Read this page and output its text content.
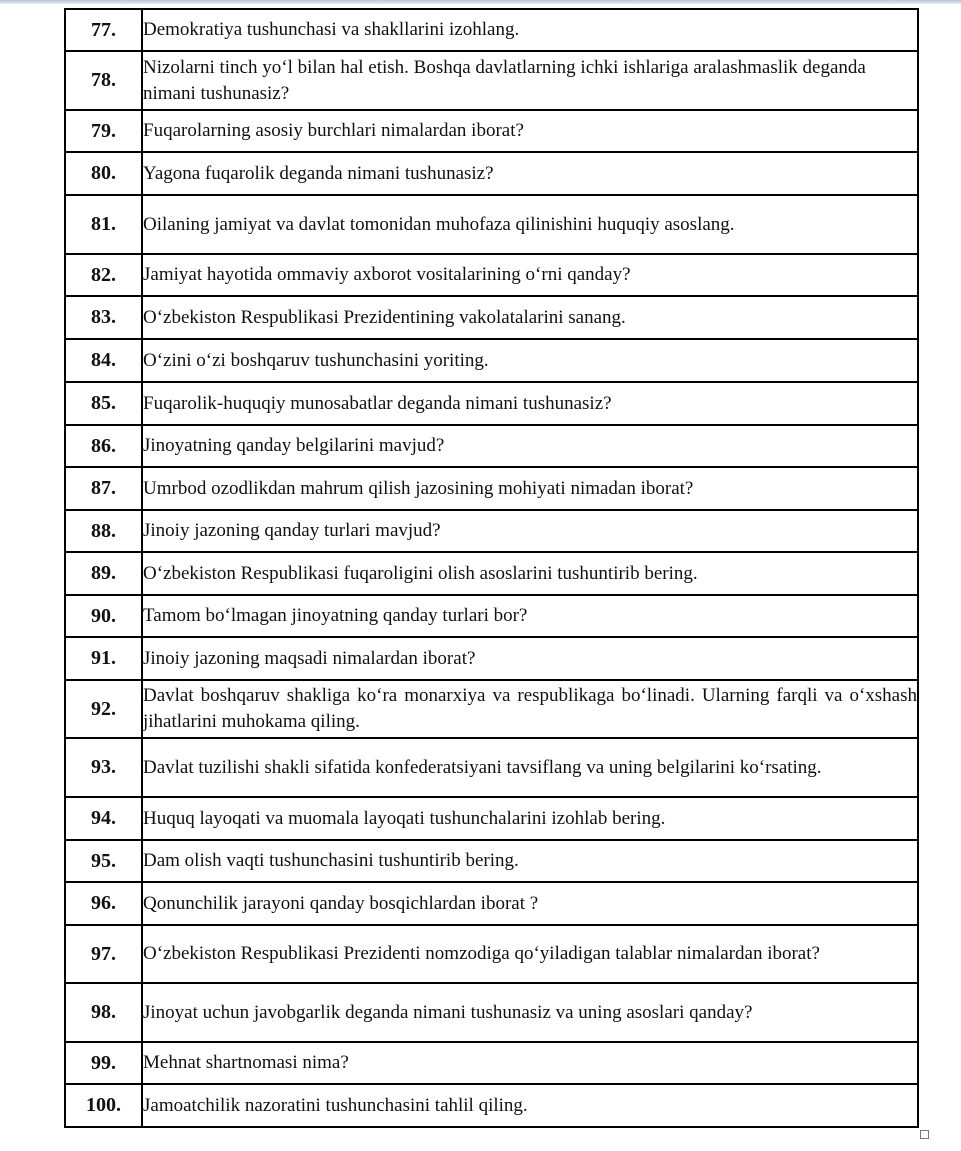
77.	Demokratiya tushunchasi va shakllarini izohlang.
78.	Nizolarni tinch yo‘l bilan hal etish. Boshqa davlatlarning ichki ishlariga aralashmaslik deganda nimani tushunasiz?
79.	Fuqarolarning asosiy burchlari nimalardan iborat?
80.	Yagona fuqarolik deganda nimani tushunasiz?
81.	Oilaning jamiyat va davlat tomonidan muhofaza qilinishini huquqiy asoslang.
82.	Jamiyat hayotida ommaviy axborot vositalarining o‘rni qanday?
83.	O‘zbekiston Respublikasi Prezidentining vakolatalarini sanang.
84.	O‘zini o‘zi boshqaruv tushunchasini yoriting.
85.	Fuqarolik-huquqiy munosabatlar deganda nimani tushunasiz?
86.	Jinoyatning qanday belgilarini mavjud?
87.	Umrbod ozodlikdan mahrum qilish jazosining mohiyati nimadan iborat?
88.	Jinoiy jazoning qanday turlari mavjud?
89.	O‘zbekiston Respublikasi fuqaroligini olish asoslarini tushuntirib bering.
90.	Tamom bo‘lmagan jinoyatning qanday turlari bor?
91.	Jinoiy jazoning maqsadi nimalardan iborat?
92.	Davlat boshqaruv shakliga ko‘ra monarxiya va respublikaga bo‘linadi. Ularning farqli va o‘xshash jihatlarini muhokama qiling.
93.	Davlat tuzilishi shakli sifatida konfederatsiyani tavsiflang va uning belgilarini ko‘rsating.
94.	Huquq layoqati va muomala layoqati tushunchalarini izohlab bering.
95.	Dam olish vaqti tushunchasini tushuntirib bering.
96.	Qonunchilik jarayoni qanday bosqichlardan iborat ?
97.	O‘zbekiston Respublikasi Prezidenti nomzodiga qo‘yiladigan talablar nimalardan iborat?
98.	Jinoyat uchun javobgarlik deganda nimani tushunasiz va uning asoslari qanday?
99.	Mehnat shartnomasi nima?
100.	Jamoatchilik nazoratini tushunchasini tahlil qiling.
